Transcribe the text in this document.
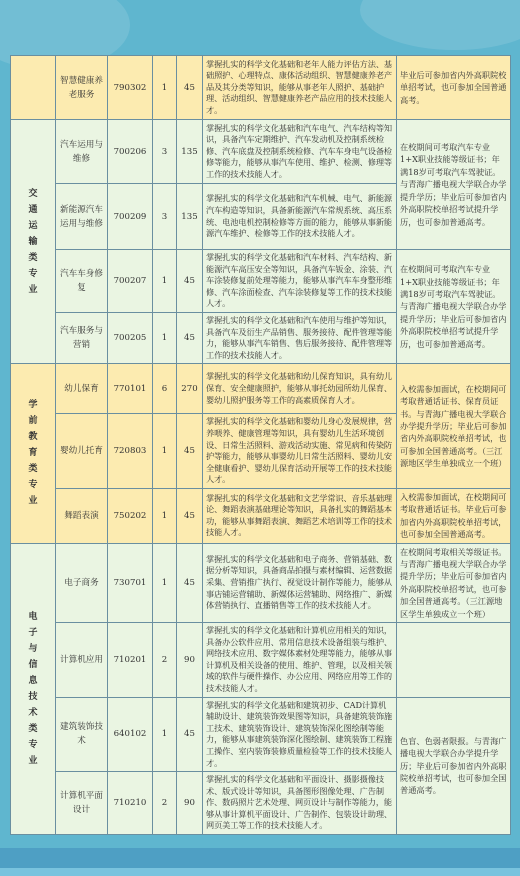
	智慧健康养老服务	790302	1	45	掌握扎实的科学文化基础和老年人能力评估方法、基础照护、心理特点、康体活动组织、智慧健康养老产品及其分类等知识，能够从事老年人照护、基础护理、活动组织、智慧健康养老产品应用的技术技能人才。	毕业后可参加省内外高职院校单招考试，也可参加全国普通高考。

交通运输类专业	汽车运用与维修	700206	3	135	掌握扎实的科学文化基础和汽车电气、汽车结构等知识，具备汽车定期维护、汽车发动机及控制系统检修、汽车底盘及控制系统检修、汽车车身电气设备检修等能力，能够从事汽车使用、维护、检测、修理等工作的技术技能人才。	在校期间可考取汽车专业1+X职业技能等级证书；年满18岁可考取汽车驾驶证。与青海广播电视大学联合办学提升学历；毕业后可参加省内外高职院校单招考试提升学历，也可参加普通高考。
	新能源汽车运用与维修	700209	3	135	掌握扎实的科学文化基础和汽车机械、电气、新能源汽车构造等知识，具备新能源汽车常规系统、高压系统、电池电机控制检修等方面的能力，能够从事新能源汽车维护、检修等工作的技术技能人才。	
	汽车车身修复	700207	1	45	掌握扎实的科学文化基础和汽车材料、汽车结构、新能源汽车高压安全等知识，具备汽车钣金、涂装、汽车涂装修复前处理等能力，能够从事汽车车身整形维修、汽车涂面检查、汽车涂装修复等工作的技术技能人才。	在校期间可考取汽车专业1+X职业技能等级证书；年满18岁可考取汽车驾驶证。与青海广播电视大学联合办学提升学历；毕业后可参加省内外高职院校单招考试提升学历，也可参加普通高考。
	汽车服务与营销	700205	1	45	掌握扎实的科学文化基础和汽车使用与维护等知识，具备汽车及衍生产品销售、服务接待、配件管理等能力，能够从事汽车销售、售后服务接待、配件管理等工作的技术技能人才。	

学前教育类专业	幼儿保育	770101	6	270	掌握扎实的科学文化基础和幼儿保育知识，具有幼儿保育、安全健康照护，能够从事托幼园所幼儿保育、婴幼儿照护服务等工作的高素质保育人才。	入校需参加面试，在校期间可考取普通话证书、保育员证书。与青海广播电视大学联合办学提升学历；毕业后可参加省内外高职院校单招考试，也可参加全国普通高考。（三江源地区学生单独成立一个班）
	婴幼儿托育	720803	1	45	掌握扎实的科学文化基础和婴幼儿身心发展规律，营养喂养、健康管理等知识，具有婴幼儿生活环境创设、日常生活照料、游戏活动实施、常见病和传染防护等能力，能够从事婴幼儿日常生活照料、婴幼儿安全健康看护、婴幼儿保育活动开展等工作的技术技能人才。	
	舞蹈表演	750202	1	45	掌握扎实的科学文化基础和文艺学常识、音乐基础理论、舞蹈表演基础理论等知识，具备扎实的舞蹈基本功，能够从事舞蹈表演、舞蹈艺术培训等工作的技术技能人才。	入校需参加面试，在校期间可考取普通话证书。毕业后可参加省内外高职院校单招考试，也可参加全国普通高考。

电子与信息技术类专业	电子商务	730701	1	45	掌握扎实的科学文化基础和电子商务、营销基础、数据分析等知识，具备商品拍摄与素材编辑、运营数据采集、营销推广执行、视觉设计制作等能力，能够从事店铺运营辅助、新媒体运营辅助、网络推广、新媒体营销执行、直播销售等工作的技术技能人才。	在校期间考取相关等级证书。与青海广播电视大学联合办学提升学历；毕业后可参加省内外高职院校单招考试，也可参加全国普通高考。（三江源地区学生单独成立一个班）
	计算机应用	710201	2	90	掌握扎实的科学文化基础和计算机应用相关的知识，具备办公软件应用、常用信息技术设备组装与维护、网络技术应用、数字媒体素材处理等能力，能够从事计算机及相关设备的使用、维护、管理，以及相关领域的软件与硬件操作、办公应用、网络应用等工作的技术技能人才。	
	建筑装饰技术	640102	1	45	掌握扎实的科学文化基础和建筑初步、CAD计算机辅助设计、建筑装饰效果图等知识，具备建筑装饰施工技术、建筑装饰设计、建筑装饰深化图绘制等能力，能够从事建筑装饰深化图绘制、建筑装饰工程施工操作、室内装饰装修质量检验等工作的技术技能人才。	色盲、色弱者限报。与青海广播电视大学联合办学提升学历；毕业后可参加省内外高职院校单招考试，也可参加全国普通高考。
	计算机平面设计	710210	2	90	掌握扎实的科学文化基础和平面设计、摄影摄像技术、版式设计等知识，具备图形图像处理、广告制作、数码照片艺术处理、网页设计与制作等能力，能够从事计算机平面设计、广告制作、包装设计助理、网页美工等工作的技术技能人才。	
